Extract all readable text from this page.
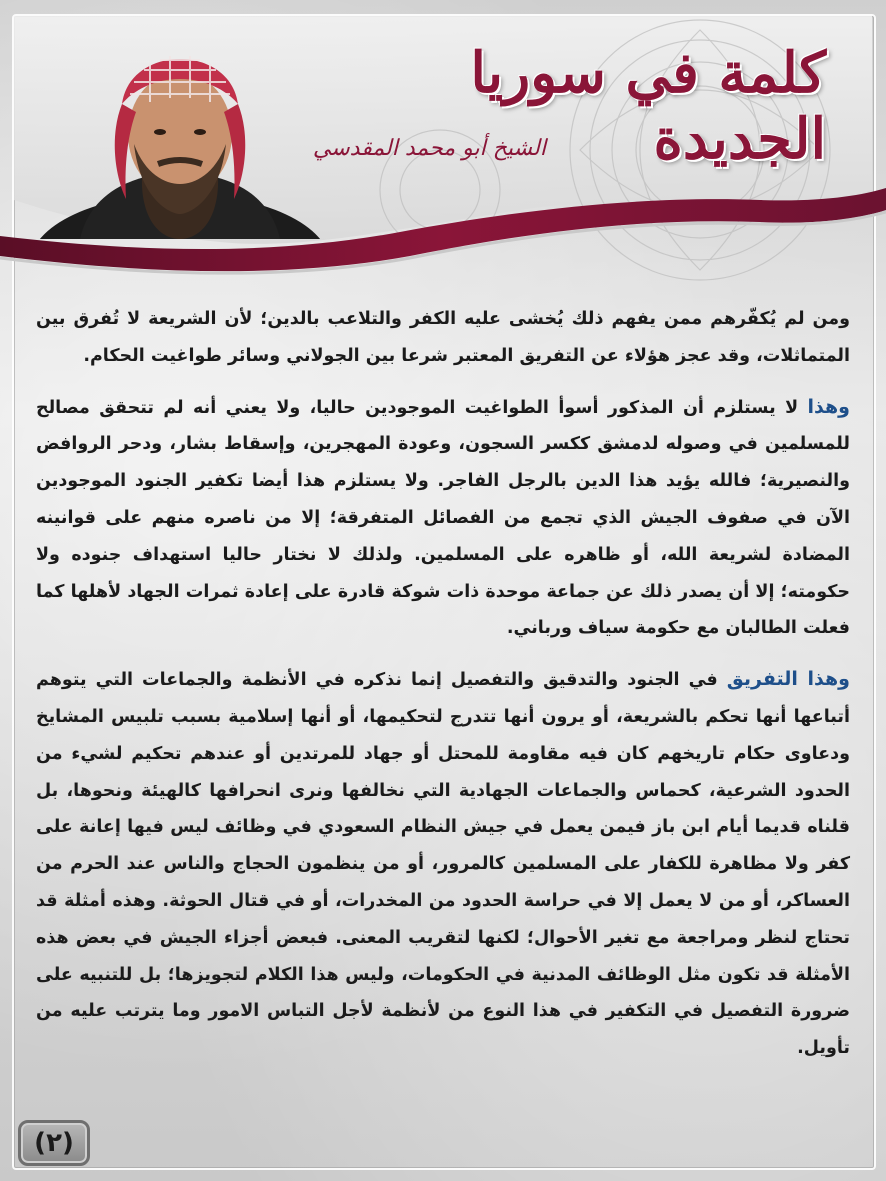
كلمة في سوريا الجديدة
الشيخ أبو محمد المقدسي

ومن لم يُكفّرهم ممن يفهم ذلك يُخشى عليه الكفر والتلاعب بالدين؛ لأن الشريعة لا تُفرق بين المتماثلات، وقد عجز هؤلاء عن التفريق المعتبر شرعا بين الجولاني وسائر طواغيت الحكام.

وهذا لا يستلزم أن المذكور أسوأ الطواغيت الموجودين حاليا، ولا يعني أنه لم تتحقق مصالح للمسلمين في وصوله لدمشق ككسر السجون، وعودة المهجرين، وإسقاط بشار، ودحر الروافض والنصيرية؛ فالله يؤيد هذا الدين بالرجل الفاجر. ولا يستلزم هذا أيضا تكفير الجنود الموجودين الآن في صفوف الجيش الذي تجمع من الفصائل المتفرقة؛ إلا من ناصره منهم على قوانينه المضادة لشريعة الله، أو ظاهره على المسلمين. ولذلك لا نختار حاليا استهداف جنوده ولا حكومته؛ إلا أن يصدر ذلك عن جماعة موحدة ذات شوكة قادرة على إعادة ثمرات الجهاد لأهلها كما فعلت الطالبان مع حكومة سياف ورباني.

وهذا التفريق في الجنود والتدقيق والتفصيل إنما نذكره في الأنظمة والجماعات التي يتوهم أتباعها أنها تحكم بالشريعة، أو يرون أنها تتدرج لتحكيمها، أو أنها إسلامية بسبب تلبيس المشايخ ودعاوى حكام تاريخهم كان فيه مقاومة للمحتل أو جهاد للمرتدين أو عندهم تحكيم لشيء من الحدود الشرعية، كحماس والجماعات الجهادية التي نخالفها ونرى انحرافها كالهيئة ونحوها، بل قلناه قديما أيام ابن باز فيمن يعمل في جيش النظام السعودي في وظائف ليس فيها إعانة على كفر ولا مظاهرة للكفار على المسلمين كالمرور، أو من ينظمون الحجاج والناس عند الحرم من العساكر، أو من لا يعمل إلا في حراسة الحدود من المخدرات، أو في قتال الحوثة. وهذه أمثلة قد تحتاج لنظر ومراجعة مع تغير الأحوال؛ لكنها لتقريب المعنى. فبعض أجزاء الجيش في بعض هذه الأمثلة قد تكون مثل الوظائف المدنية في الحكومات، وليس هذا الكلام لتجويزها؛ بل للتنبيه على ضرورة التفصيل في التكفير في هذا النوع من لأنظمة لأجل التباس الامور وما يترتب عليه من تأويل.

(٢)
